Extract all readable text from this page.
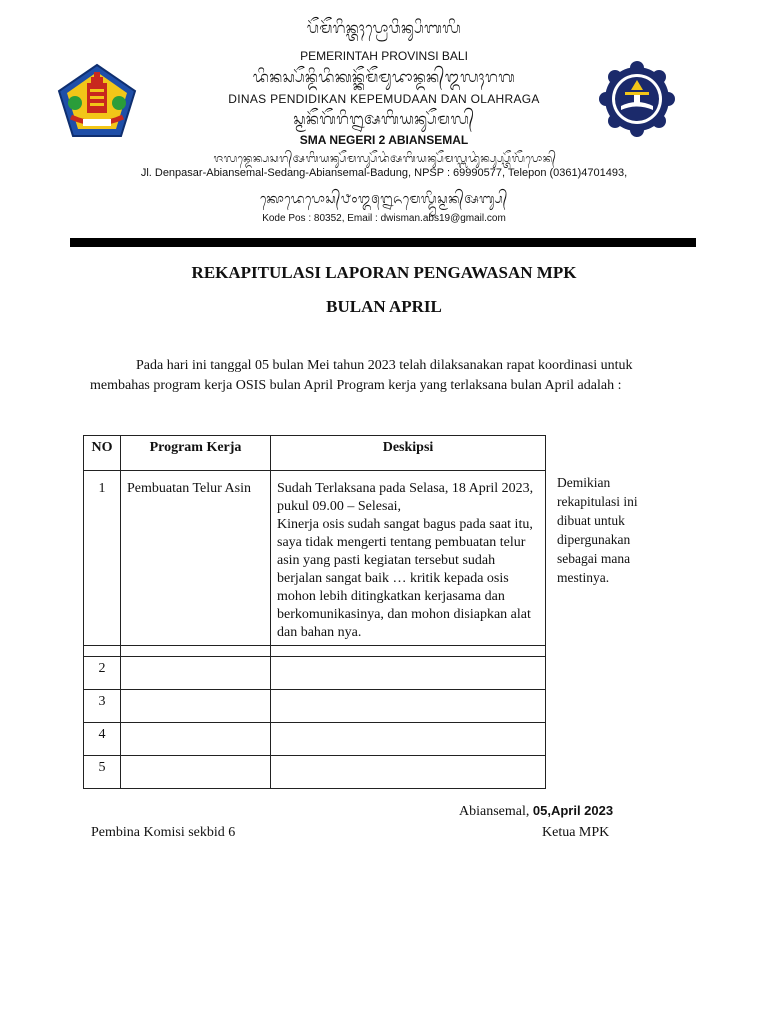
ᬧᭂᬫᭂᬭᬶᬦ᭄ᬢᬄᬧ᭄ᬭᭀᬯᬶᬦ᭄ᬲᬶᬩᬮᬶ
PEMERINTAH PROVINSI BALI
ᬤᬶᬦᬲ᭄ᬧᭂᬦ᭄ᬤᬶᬤᬶᬓᬦ᭄ᬓᭂᬫᭂᬫᬸᬤᬵᬦ᭄ᬤᬦ᭄ᬑᬮᬄᬭᬕ
DINAS PENDIDIKAN KEPEMUDAAN DAN OLAHRAGA
ᬲ᭄ᬫᬦᭂᬕᭂᬭᬶ᭒ᬅᬩᬶᬬᬦ᭄ᬲᭂᬫᬮ᭄
SMA NEGERI 2 ABIANSEMAL
ᬚᬮᬦ᭄ᬤᬾᬦ᭄ᬧᬲᬭ᭄ᬅᬩᬶᬬᬦ᭄ᬲᭂᬫᬮ᭄ᬲᭂᬤᬂᬅᬩᬶᬬᬦ᭄ᬲᭂᬫᬮ᭄ᬩᬤᬸᬂᬦ᭄ᬧ᭄ᬲ᭄ᬧ᭄ᬢᭂᬮᭂᬧᭀᬦ᭄
Jl. Denpasar-Abiansemal-Sedang-Abiansemal-Badung, NPSP : 69990577, Telepon (0361)4701493,
ᬓᭀᬤᬾᬧᭀᬲ᭄᭘᭐᭓᭕᭒ᬏᬫᬾᬮ᭄ᬤ᭄ᬯᬶᬲ᭄ᬫᬦ᭄ᬅᬩ᭄ᬲ᭄
Kode Pos : 80352, Email : dwisman.abs19@gmail.com
REKAPITULASI LAPORAN PENGAWASAN MPK
BULAN APRIL

Pada hari ini tanggal 05 bulan Mei tahun 2023 telah dilaksanakan rapat koordinasi untuk

membahas program kerja OSIS bulan April Program kerja yang terlaksana bulan April adalah :

NO	Program Kerja	Deskipsi
1	Pembuatan Telur Asin	Sudah Terlaksana pada Selasa, 18 April 2023, pukul 09.00 – Selesai,
Kinerja osis sudah sangat bagus pada saat itu, saya tidak mengerti tentang pembuatan telur asin yang pasti kegiatan tersebut sudah berjalan sangat baik … kritik kepada osis mohon lebih ditingkatkan kerjasama dan berkomunikasinya, dan mohon disiapkan alat dan bahan nya.

2		
3		
4		
5		
Demikian rekapitulasi ini dibuat untuk dipergunakan sebagai mana mestinya.
Abiansemal, 05,April 2023
Pembina Komisi sekbid 6	Ketua MPK
